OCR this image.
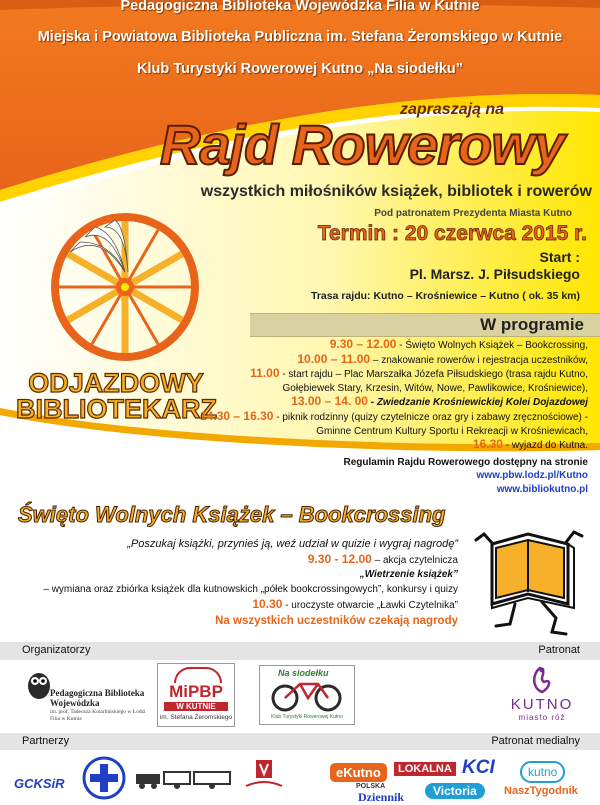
Pedagogiczna Biblioteka Wojewódzka Filia w Kutnie
Miejska i Powiatowa Biblioteka Publiczna im. Stefana Żeromskiego w Kutnie
Klub Turystyki Rowerowej Kutno „Na siodełku”
zapraszają na
Rajd Rowerowy
wszystkich miłośników książek, bibliotek i rowerów
Pod patronatem Prezydenta Miasta Kutno
Termin : 20 czerwca 2015 r.
Start :
Pl. Marsz. J. Piłsudskiego
Trasa rajdu: Kutno – Krośniewice – Kutno ( ok. 35 km)
ODJAZDOWY
BIBLIOTEKARZ
W programie
9.30 – 12.00 - Święto Wolnych Książek – Bookcrossing,
10.00 – 11.00 – znakowanie rowerów i rejestracja uczestników,
11.00 - start rajdu – Plac Marszałka Józefa Piłsudskiego (trasa rajdu Kutno, Gołębiewek Stary, Krzesin, Witów, Nowe, Pawlikowice, Krośniewice),
13.00 – 14. 00 - Zwiedzanie Krośniewickiej Kolei Dojazdowej
14.30 – 16.30 - piknik rodzinny (quizy czytelnicze oraz gry i zabawy zręcznościowe) - Gminne Centrum Kultury Sportu i Rekreacji w Krośniewicach,
16.30 - wyjazd do Kutna.
Regulamin Rajdu Rowerowego dostępny na stronie
www.pbw.lodz.pl/Kutno
www.bibliokutno.pl
Święto Wolnych Książek – Bookcrossing
„Poszukaj książki, przynieś ją, weź udział w quizie i wygraj nagrodę”
9.30 - 12.00 – akcja czytelnicza
„Wietrzenie książek”
– wymiana oraz zbiórka książek dla kutnowskich „półek bookcrossingowych”, konkursy i quizy
10.30 - uroczyste otwarcie „Ławki Czytelnika”
Na wszystkich uczestników czekają nagrody
Organizatorzy	Patronat
Pedagogiczna Biblioteka Wojewódzka
im. prof. Tadeusza Kotarbińskiego w Łodzi
Filia w Kutnie
MiPBP
W KUTNIE
im. Stefana Żeromskiego
Na siodełku
Klub Turystyki Rowerowej Kutno
KUTNO
miasto róż
Partnerzy	Patronat medialny
GCKSiR
eKutno	LOKALNA KCI	kutno
POLSKA
Dziennik	Victoria	NaszTygodnik
